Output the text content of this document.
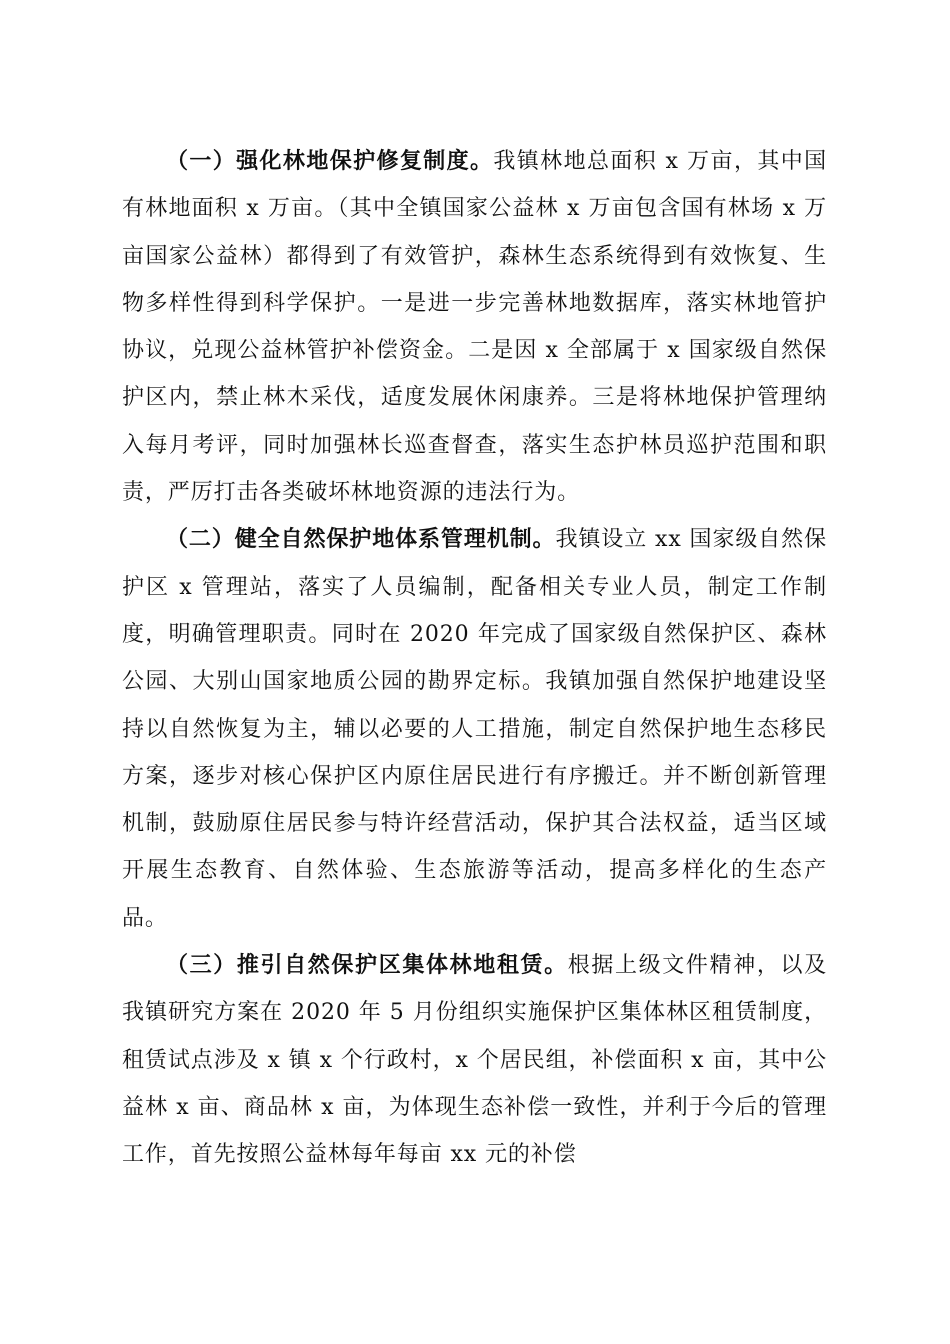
（一）强化林地保护修复制度。我镇林地总面积 x 万亩，其中国有林地面积 x 万亩。（其中全镇国家公益林 x 万亩包含国有林场 x 万亩国家公益林）都得到了有效管护，森林生态系统得到有效恢复、生物多样性得到科学保护。一是进一步完善林地数据库，落实林地管护协议，兑现公益林管护补偿资金。二是因 x 全部属于 x 国家级自然保护区内，禁止林木采伐，适度发展休闲康养。三是将林地保护管理纳入每月考评，同时加强林长巡查督查，落实生态护林员巡护范围和职责，严厉打击各类破坏林地资源的违法行为。

（二）健全自然保护地体系管理机制。我镇设立 xx 国家级自然保护区 x 管理站，落实了人员编制，配备相关专业人员，制定工作制度，明确管理职责。同时在 2020 年完成了国家级自然保护区、森林公园、大别山国家地质公园的勘界定标。我镇加强自然保护地建设坚持以自然恢复为主，辅以必要的人工措施，制定自然保护地生态移民方案，逐步对核心保护区内原住居民进行有序搬迁。并不断创新管理机制，鼓励原住居民参与特许经营活动，保护其合法权益，适当区域开展生态教育、自然体验、生态旅游等活动，提高多样化的生态产品。

（三）推引自然保护区集体林地租赁。根据上级文件精神，以及我镇研究方案在 2020 年 5 月份组织实施保护区集体林区租赁制度，租赁试点涉及 x 镇 x 个行政村，x 个居民组，补偿面积 x 亩，其中公益林 x 亩、商品林 x 亩，为体现生态补偿一致性，并利于今后的管理工作，首先按照公益林每年每亩 xx 元的补偿
